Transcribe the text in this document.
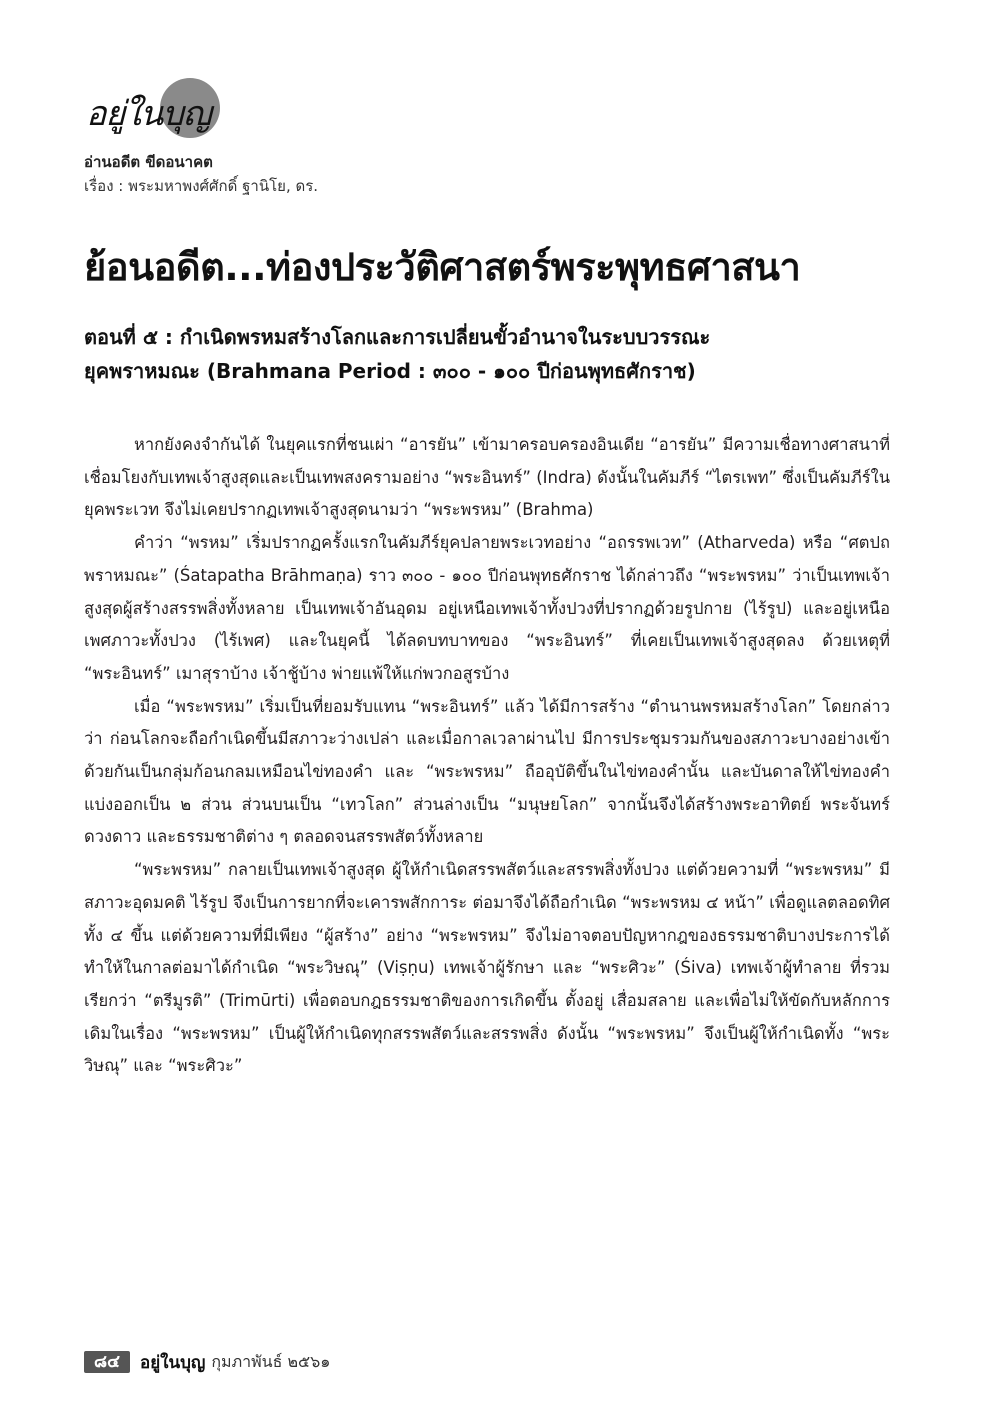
อยู่ในบุญ
อ่านอดีต ขีดอนาคต
เรื่อง : พระมหาพงศ์ศักดิ์ ฐานิโย, ดร.
ย้อนอดีต...ท่องประวัติศาสตร์พระพุทธศาสนา
ตอนที่ ๕ : กำเนิดพรหมสร้างโลกและการเปลี่ยนขั้วอำนาจในระบบวรรณะ
ยุคพราหมณะ (Brahmana Period : ๓๐๐ - ๑๐๐ ปีก่อนพุทธศักราช)

หากยังคงจำกันได้ ในยุคแรกที่ชนเผ่า “อารยัน” เข้ามาครอบครองอินเดีย “อารยัน” มีความเชื่อทางศาสนาที่เชื่อมโยงกับเทพเจ้าสูงสุดและเป็นเทพสงครามอย่าง “พระอินทร์” (Indra) ดังนั้นในคัมภีร์ “ไตรเพท” ซึ่งเป็นคัมภีร์ในยุคพระเวท จึงไม่เคยปรากฏเทพเจ้าสูงสุดนามว่า “พระพรหม” (Brahma)

คำว่า “พรหม” เริ่มปรากฏครั้งแรกในคัมภีร์ยุคปลายพระเวทอย่าง “อถรรพเวท” (Atharveda) หรือ “ศตปถพราหมณะ” (Śatapatha Brāhmaṇa) ราว ๓๐๐ - ๑๐๐ ปีก่อนพุทธศักราช ได้กล่าวถึง “พระพรหม” ว่าเป็นเทพเจ้าสูงสุดผู้สร้างสรรพสิ่งทั้งหลาย เป็นเทพเจ้าอันอุดม อยู่เหนือเทพเจ้าทั้งปวงที่ปรากฏด้วยรูปกาย (ไร้รูป) และอยู่เหนือเพศภาวะทั้งปวง (ไร้เพศ) และในยุคนี้ ได้ลดบทบาทของ “พระอินทร์” ที่เคยเป็นเทพเจ้าสูงสุดลง ด้วยเหตุที่ “พระอินทร์” เมาสุราบ้าง เจ้าชู้บ้าง พ่ายแพ้ให้แก่พวกอสูรบ้าง

เมื่อ “พระพรหม” เริ่มเป็นที่ยอมรับแทน “พระอินทร์” แล้ว ได้มีการสร้าง “ตำนานพรหมสร้างโลก” โดยกล่าวว่า ก่อนโลกจะถือกำเนิดขึ้นมีสภาวะว่างเปล่า และเมื่อกาลเวลาผ่านไป มีการประชุมรวมกันของสภาวะบางอย่างเข้าด้วยกันเป็นกลุ่มก้อนกลมเหมือนไข่ทองคำ และ “พระพรหม” ถืออุบัติขึ้นในไข่ทองคำนั้น และบันดาลให้ไข่ทองคำแบ่งออกเป็น ๒ ส่วน ส่วนบนเป็น “เทวโลก” ส่วนล่างเป็น “มนุษยโลก” จากนั้นจึงได้สร้างพระอาทิตย์ พระจันทร์ ดวงดาว และธรรมชาติต่าง ๆ ตลอดจนสรรพสัตว์ทั้งหลาย

“พระพรหม” กลายเป็นเทพเจ้าสูงสุด ผู้ให้กำเนิดสรรพสัตว์และสรรพสิ่งทั้งปวง แต่ด้วยความที่ “พระพรหม” มีสภาวะอุดมคติ ไร้รูป จึงเป็นการยากที่จะเคารพสักการะ ต่อมาจึงได้ถือกำเนิด “พระพรหม ๔ หน้า” เพื่อดูแลตลอดทิศทั้ง ๔ ขึ้น แต่ด้วยความที่มีเพียง “ผู้สร้าง” อย่าง “พระพรหม” จึงไม่อาจตอบปัญหากฎของธรรมชาติบางประการได้ ทำให้ในกาลต่อมาได้กำเนิด “พระวิษณุ” (Viṣṇu) เทพเจ้าผู้รักษา และ “พระศิวะ” (Śiva) เทพเจ้าผู้ทำลาย ที่รวมเรียกว่า “ตรีมูรติ” (Trimūrti) เพื่อตอบกฎธรรมชาติของการเกิดขึ้น ตั้งอยู่ เสื่อมสลาย และเพื่อไม่ให้ขัดกับหลักการเดิมในเรื่อง “พระพรหม” เป็นผู้ให้กำเนิดทุกสรรพสัตว์และสรรพสิ่ง ดังนั้น “พระพรหม” จึงเป็นผู้ให้กำเนิดทั้ง “พระวิษณุ” และ “พระศิวะ”

๘๔	อยู่ในบุญ กุมภาพันธ์ ๒๕๖๑
